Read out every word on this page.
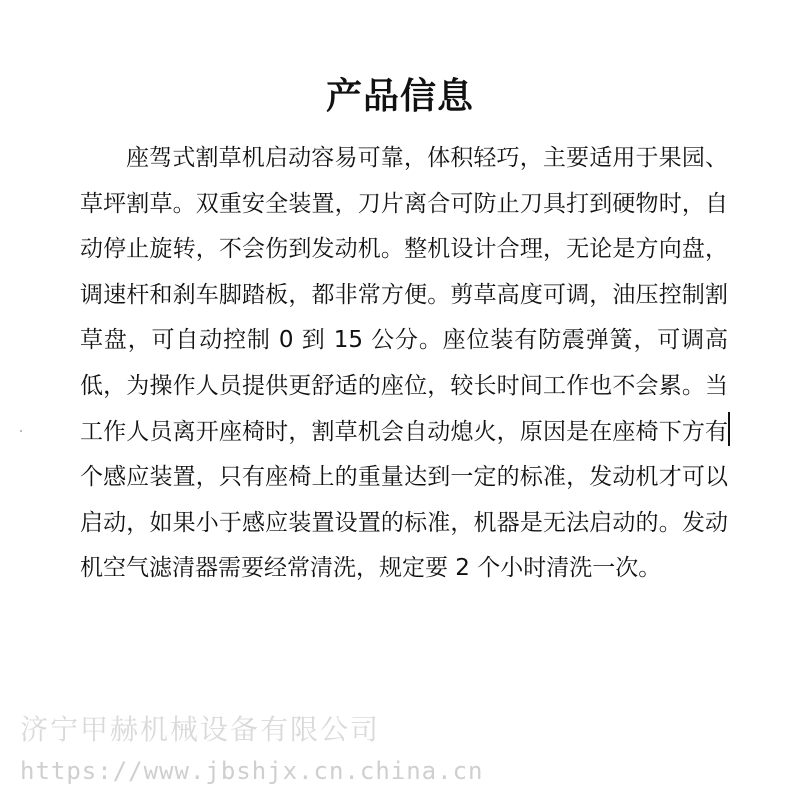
产品信息
座驾式割草机启动容易可靠，体积轻巧，主要适用于果园、草坪割草。双重安全装置，刀片离合可防止刀具打到硬物时，自动停止旋转，不会伤到发动机。整机设计合理，无论是方向盘，调速杆和刹车脚踏板，都非常方便。剪草高度可调，油压控制割草盘，可自动控制 0 到 15 公分。座位装有防震弹簧，可调高低，为操作人员提供更舒适的座位，较长时间工作也不会累。当工作人员离开座椅时，割草机会自动熄火，原因是在座椅下方有个感应装置，只有座椅上的重量达到一定的标准，发动机才可以启动，如果小于感应装置设置的标准，机器是无法启动的。发动机空气滤清器需要经常清洗，规定要 2 个小时清洗一次。
济宁甲赫机械设备有限公司
https://www.jbshjx.cn.china.cn
